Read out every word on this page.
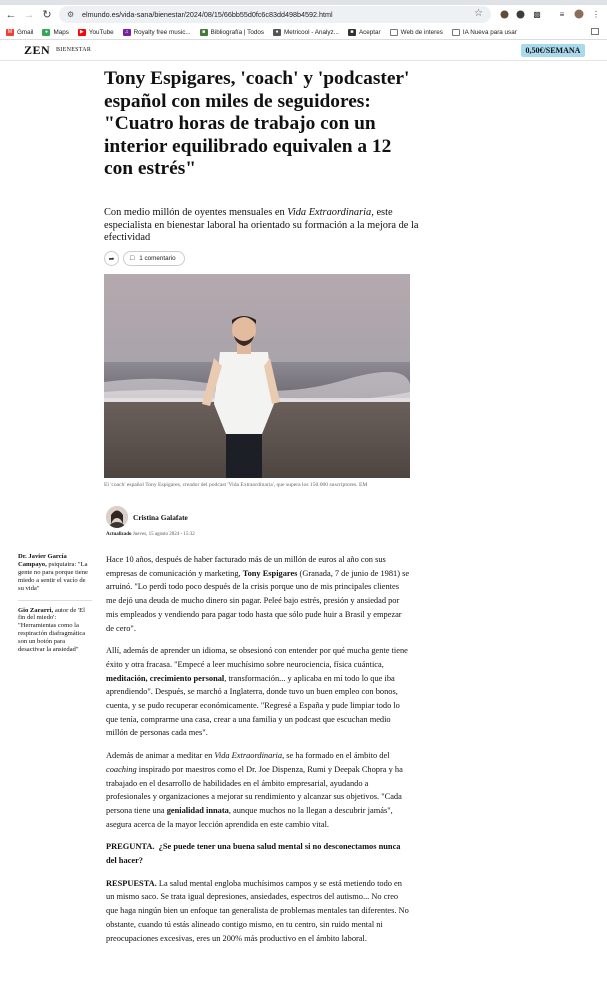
← → ↻	⚙	elmundo.es/vida-sana/bienestar/2024/08/15/66bb55d0fc6c83dd498b4592.html	☆	▩	≡	⋮
M Gmail	● Maps	▶ YouTube	♫ Royalty free music...	■ Bibliografía | Todos	● Metricool - Analyz...	■ Aceptar	Web de interes	IA Nueva para usar
ZEN BIENESTAR	0,50€/SEMANA
Tony Espigares, 'coach' y 'podcaster' español con miles de seguidores: "Cuatro horas de trabajo con un interior equilibrado equivalen a 12 con estrés"

Con medio millón de oyentes mensuales en Vida Extraordinaria, este especialista en bienestar laboral ha orientado su formación a la mejora de la efectividad

➦ □ 1 comentario

El 'coach' español Tony Espigares, creador del podcast 'Vida Extraordinaria', que supera los 150.000 suscriptores. EM

Cristina Galafate
Actualizado Jueves, 15 agosto 2024 - 15:32
Dr. Javier García Campayo, psiquiatra: "La gente no para porque tiene miedo a sentir el vacío de su vida"
Gio Zararri, autor de 'El fin del miedo': "Herramientas como la respiración diafragmática son un botón para desactivar la ansiedad"

Hace 10 años, después de haber facturado más de un millón de euros al año con sus empresas de comunicación y marketing, Tony Espigares (Granada, 7 de junio de 1981) se arruinó. "Lo perdí todo poco después de la crisis porque uno de mis principales clientes me dejó una deuda de mucho dinero sin pagar. Peleé bajo estrés, presión y ansiedad por mis empleados y vendiendo para pagar todo hasta que sólo pude huir a Brasil y empezar de cero".

Allí, además de aprender un idioma, se obsesionó con entender por qué mucha gente tiene éxito y otra fracasa. "Empecé a leer muchísimo sobre neurociencia, física cuántica, meditación, crecimiento personal, transformación... y aplicaba en mí todo lo que iba aprendiendo". Después, se marchó a Inglaterra, donde tuvo un buen empleo con bonos, cuenta, y se pudo recuperar económicamente. "Regresé a España y pude limpiar todo lo que tenía, comprarme una casa, crear a una familia y un podcast que escuchan medio millón de personas cada mes".

Además de animar a meditar en Vida Extraordinaria, se ha formado en el ámbito del coaching inspirado por maestros como el Dr. Joe Dispenza, Rumi y Deepak Chopra y ha trabajado en el desarrollo de habilidades en el ámbito empresarial, ayudando a profesionales y organizaciones a mejorar su rendimiento y alcanzar sus objetivos. "Cada persona tiene una genialidad innata, aunque muchos no la llegan a descubrir jamás", asegura acerca de la mayor lección aprendida en este cambio vital.

PREGUNTA. ¿Se puede tener una buena salud mental si no desconectamos nunca del hacer?

RESPUESTA. La salud mental engloba muchísimos campos y se está metiendo todo en un mismo saco. Se trata igual depresiones, ansiedades, espectros del autismo... No creo que haga ningún bien un enfoque tan generalista de problemas mentales tan diferentes. No obstante, cuando tú estás alineado contigo mismo, en tu centro, sin ruido mental ni preocupaciones excesivas, eres un 200% más productivo en el ámbito laboral.
